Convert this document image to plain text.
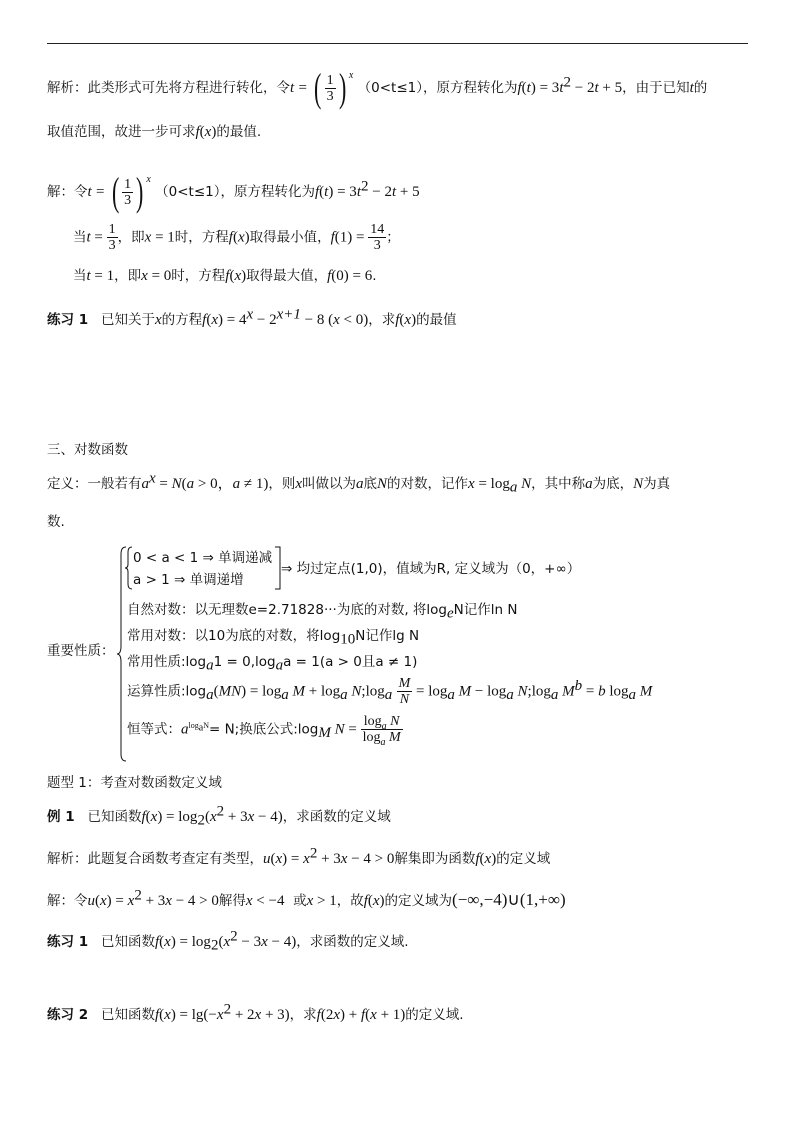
解析：此类形式可先将方程进行转化，令t = ( $\frac{1}{3}$ ) $^x$ （0<t≤1），原方程转化为$f(t) = 3t^2 - 2t + 5$，由于已知t的
取值范围，故进一步可求f(x)的最值.
解：令t = ( $\frac{1}{3}$ ) $^x$ （0<t≤1），原方程转化为$f(t) = 3t^2 - 2t + 5$
当$t = \frac{1}{3}$ ，即x = 1时，方程f(x)取得最小值，$f(1) = \frac{14}{3}$ ；
当t = 1，即x = 0时，方程f(x)取得最大值，f(0) = 6.
练习 1 已知关于x的方程$f(x) = 4^x - 2^{x+1} - 8$ (x < 0)，求f(x)的最值
三、对数函数
定义：一般若有$a^x = N(a > 0$，a ≠ 1)，则x叫做以为a底N的对数，记作$x = \log_a N$，其中称a为底，N为真
数.
重要性质：
0 < a < 1 ⇒ 单调递减
a > 1 ⇒ 单调递增
⇒ 均过定点(1,0)，值域为R, 定义域为（0，+∞）
自然对数：以无理数e=2.71828···为底的对数, 将$\log_eN$记作ln N
常用对数：以10为底的对数，将$\log_{10}N$记作lg N
常用性质$:\log_a1 = 0,\log_aa = 1(a > 0$且a ≠ 1)
运算性质$:\log_a(MN) = \log_a M + \log_a$ $N;\log_a \frac{M}{N} = \log_a M - \log_a$ $N;\log_a$ $M^b = b$ $\log_a M$
恒等式：$a^{log_aN}= N$;换底公式$:\log_M$ $N = \frac{\log_a N}{\log_a M}$
题型 1：考查对数函数定义域
例 1 已知函数$f(x) = \log_2(x^2 + 3x - 4)$，求函数的定义域
解析：此题复合函数考查定有类型，$u(x) = x^2 + 3x - 4 > 0$解集即为函数f(x)的定义域
解：令$u(x) = x^2 + 3x - 4 > 0$解得x < −4 或x > 1，故f(x)的定义域为(−∞,−4)∪(1,+∞)
练习 1 已知函数$f(x) = \log_2(x^2 - 3x - 4)$，求函数的定义域.
练习 2 已知函数$f(x) = \lg(-x^2 + 2x + 3)$，求f(2x) + f(x + 1)的定义域.
